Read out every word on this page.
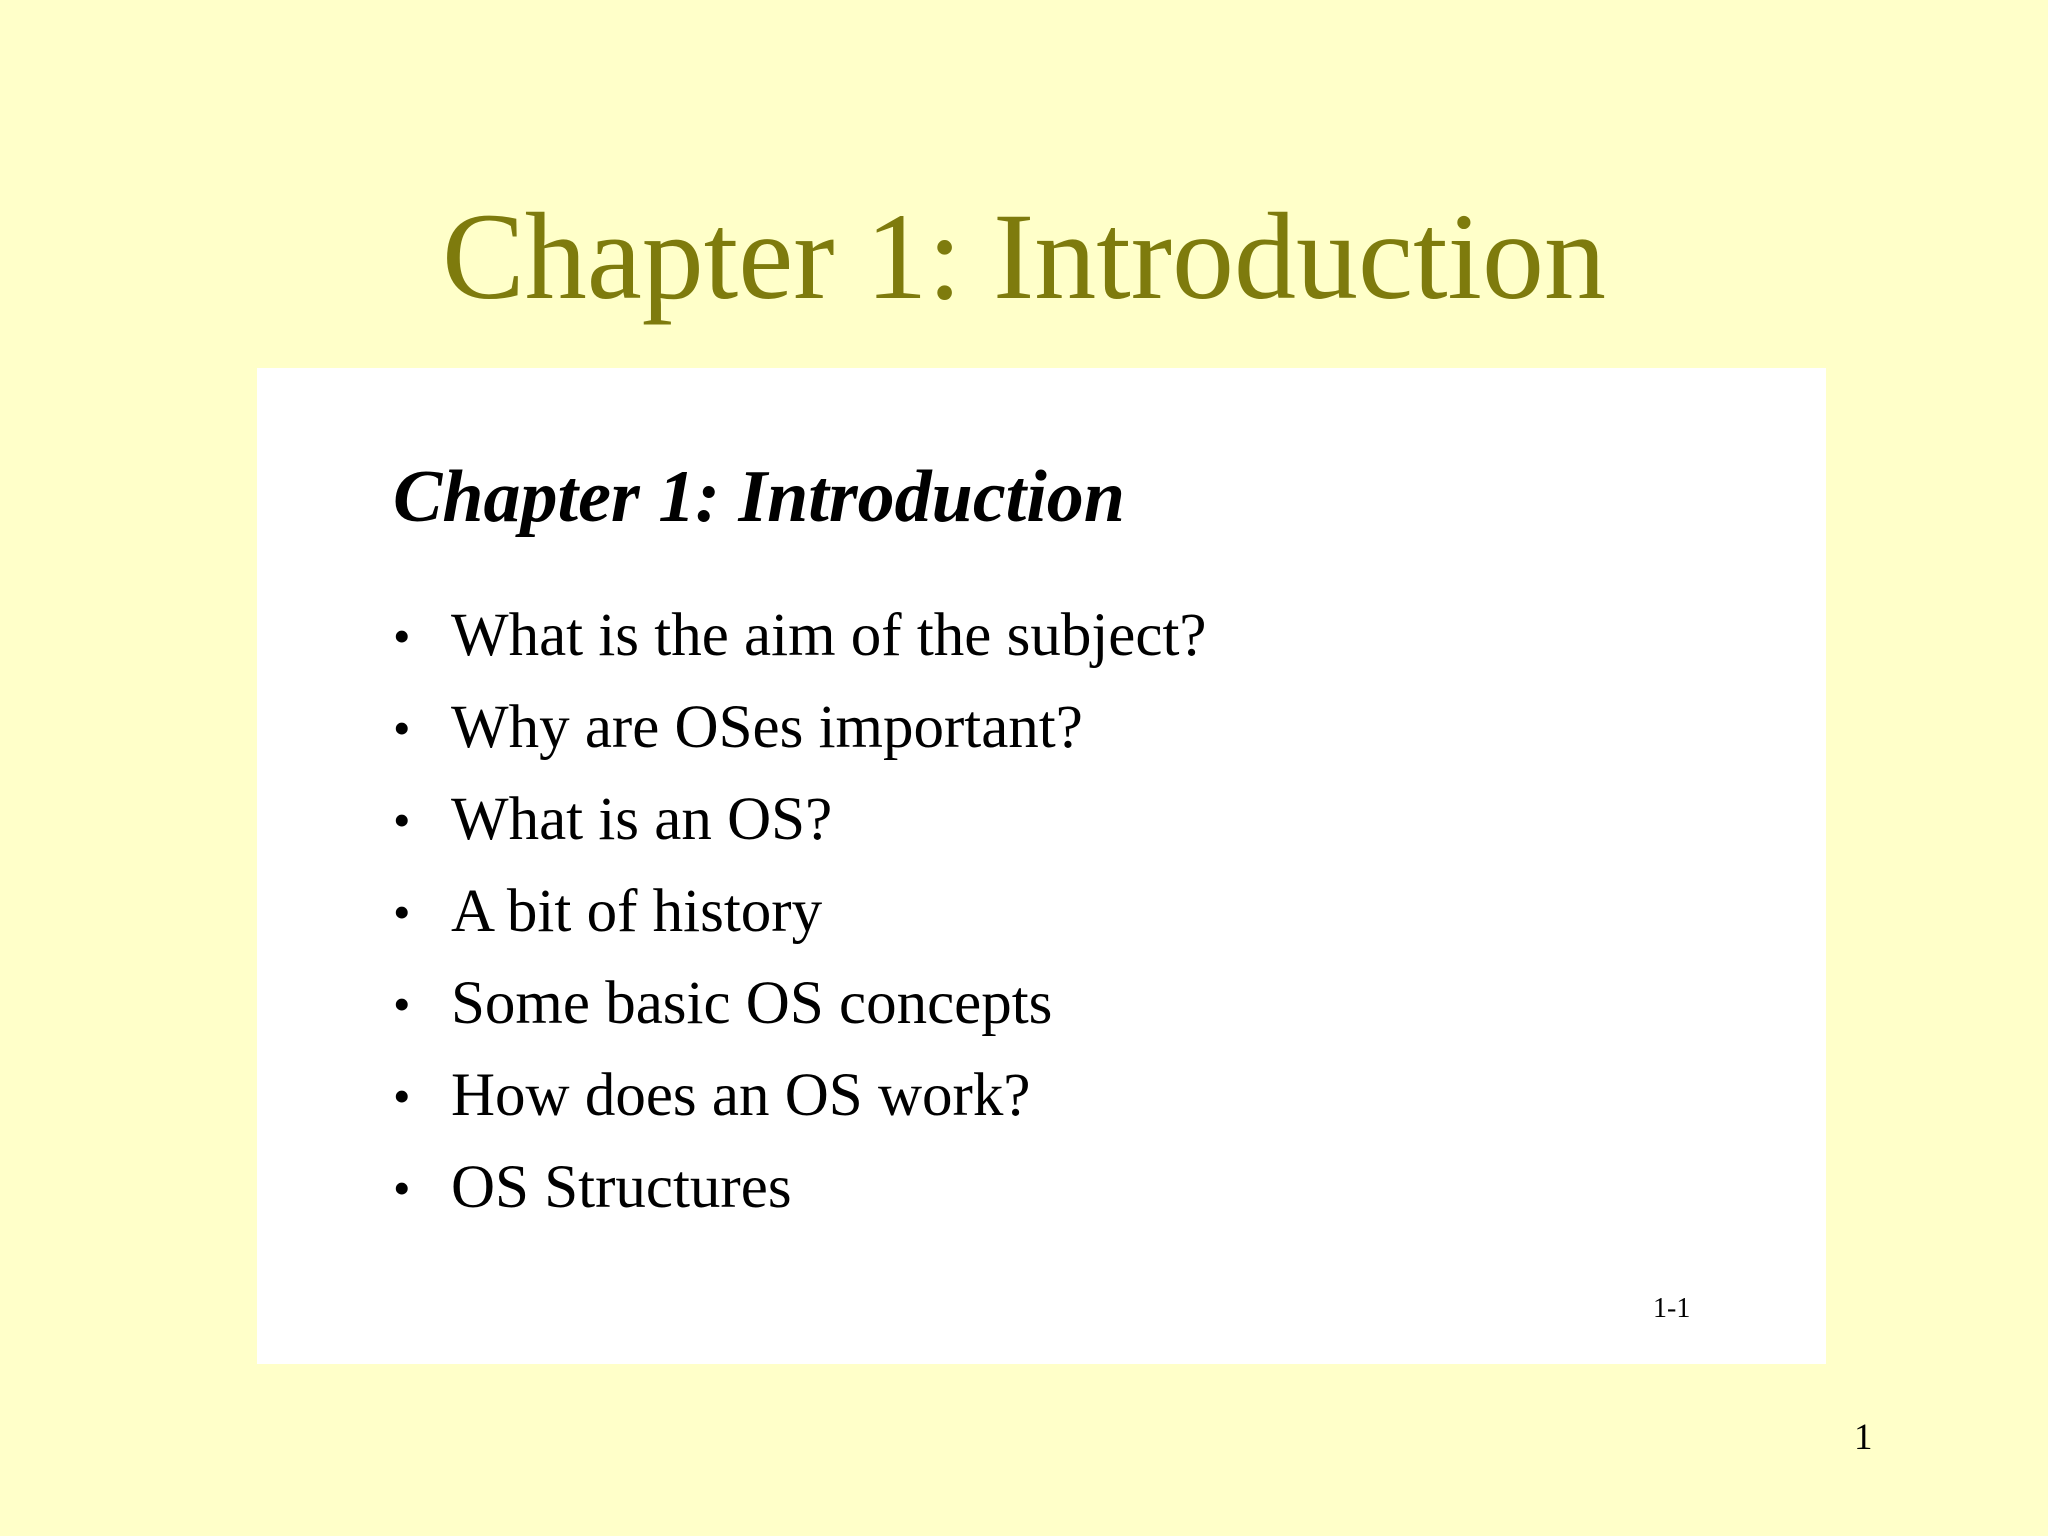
Chapter 1: Introduction
Chapter 1: Introduction
• What is the aim of the subject?
• Why are OSes important?
• What is an OS?
• A bit of history
• Some basic OS concepts
• How does an OS work?
• OS Structures
1-1
1
